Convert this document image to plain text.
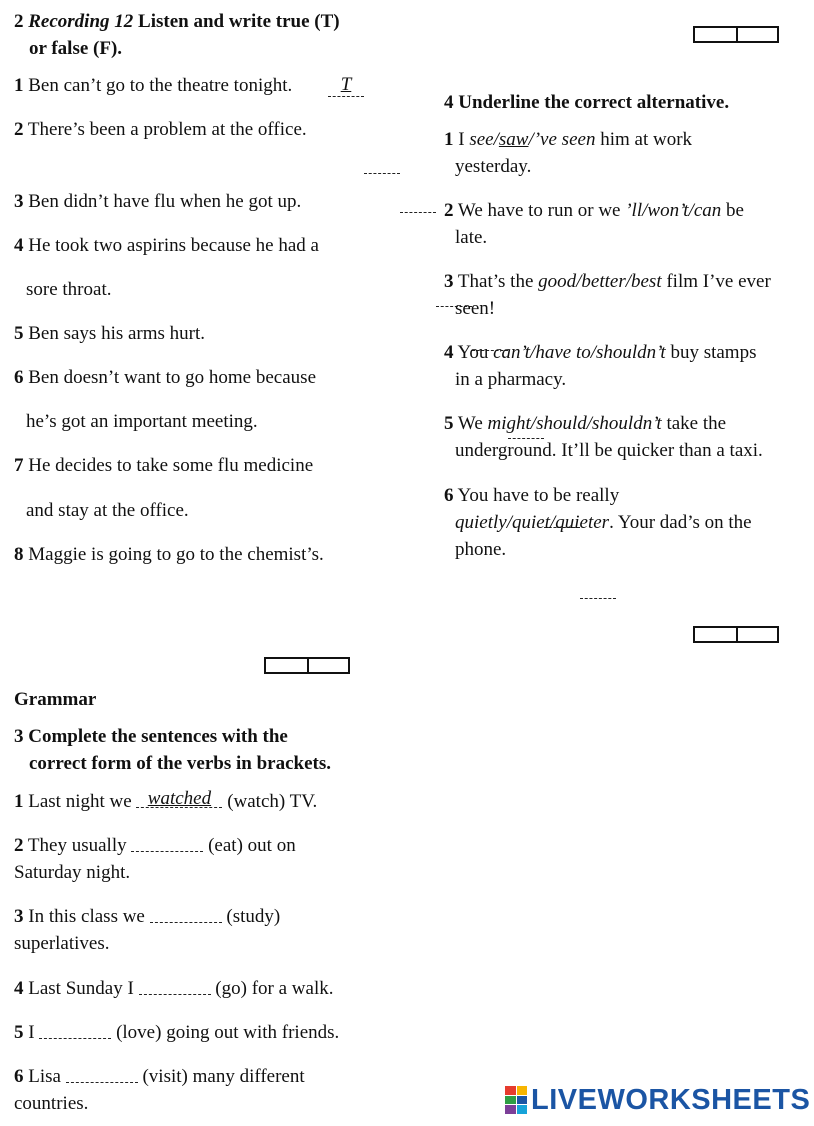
2 Recording 12 Listen and write true (T)
or false (F).
1 Ben can’t go to the theatre tonight.
T
2 There’s been a problem at the office.
3 Ben didn’t have flu when he got up.
4 He took two aspirins because he had a
sore throat.
5 Ben says his arms hurt.
6 Ben doesn’t want to go home because
he’s got an important meeting.
7 He decides to take some flu medicine
and stay at the office.
8 Maggie is going to go to the chemist’s.
Grammar
3 Complete the sentences with the
correct form of the verbs in brackets.
1 Last night we
watched	(watch) TV.
2 They usually	(eat) out on
Saturday night.
3 In this class we	(study)
superlatives.
4 Last Sunday I	(go) for a walk.
5 I	(love) going out with friends.
6 Lisa	(visit) many different
countries.
4 Underline the correct alternative.
1 I see/saw/’ve seen him at work
yesterday.
2 We have to run or we ’ll/won’t/can be
late.
3 That’s the good/better/best film I’ve ever
seen!
4 You can’t/have to/shouldn’t buy stamps
in a pharmacy.
5 We might/should/shouldn’t take the
underground. It’ll be quicker than a taxi.
6 You have to be really
quietly/quiet/quieter. Your dad’s on the
phone.
LIVEWORKSHEETS
